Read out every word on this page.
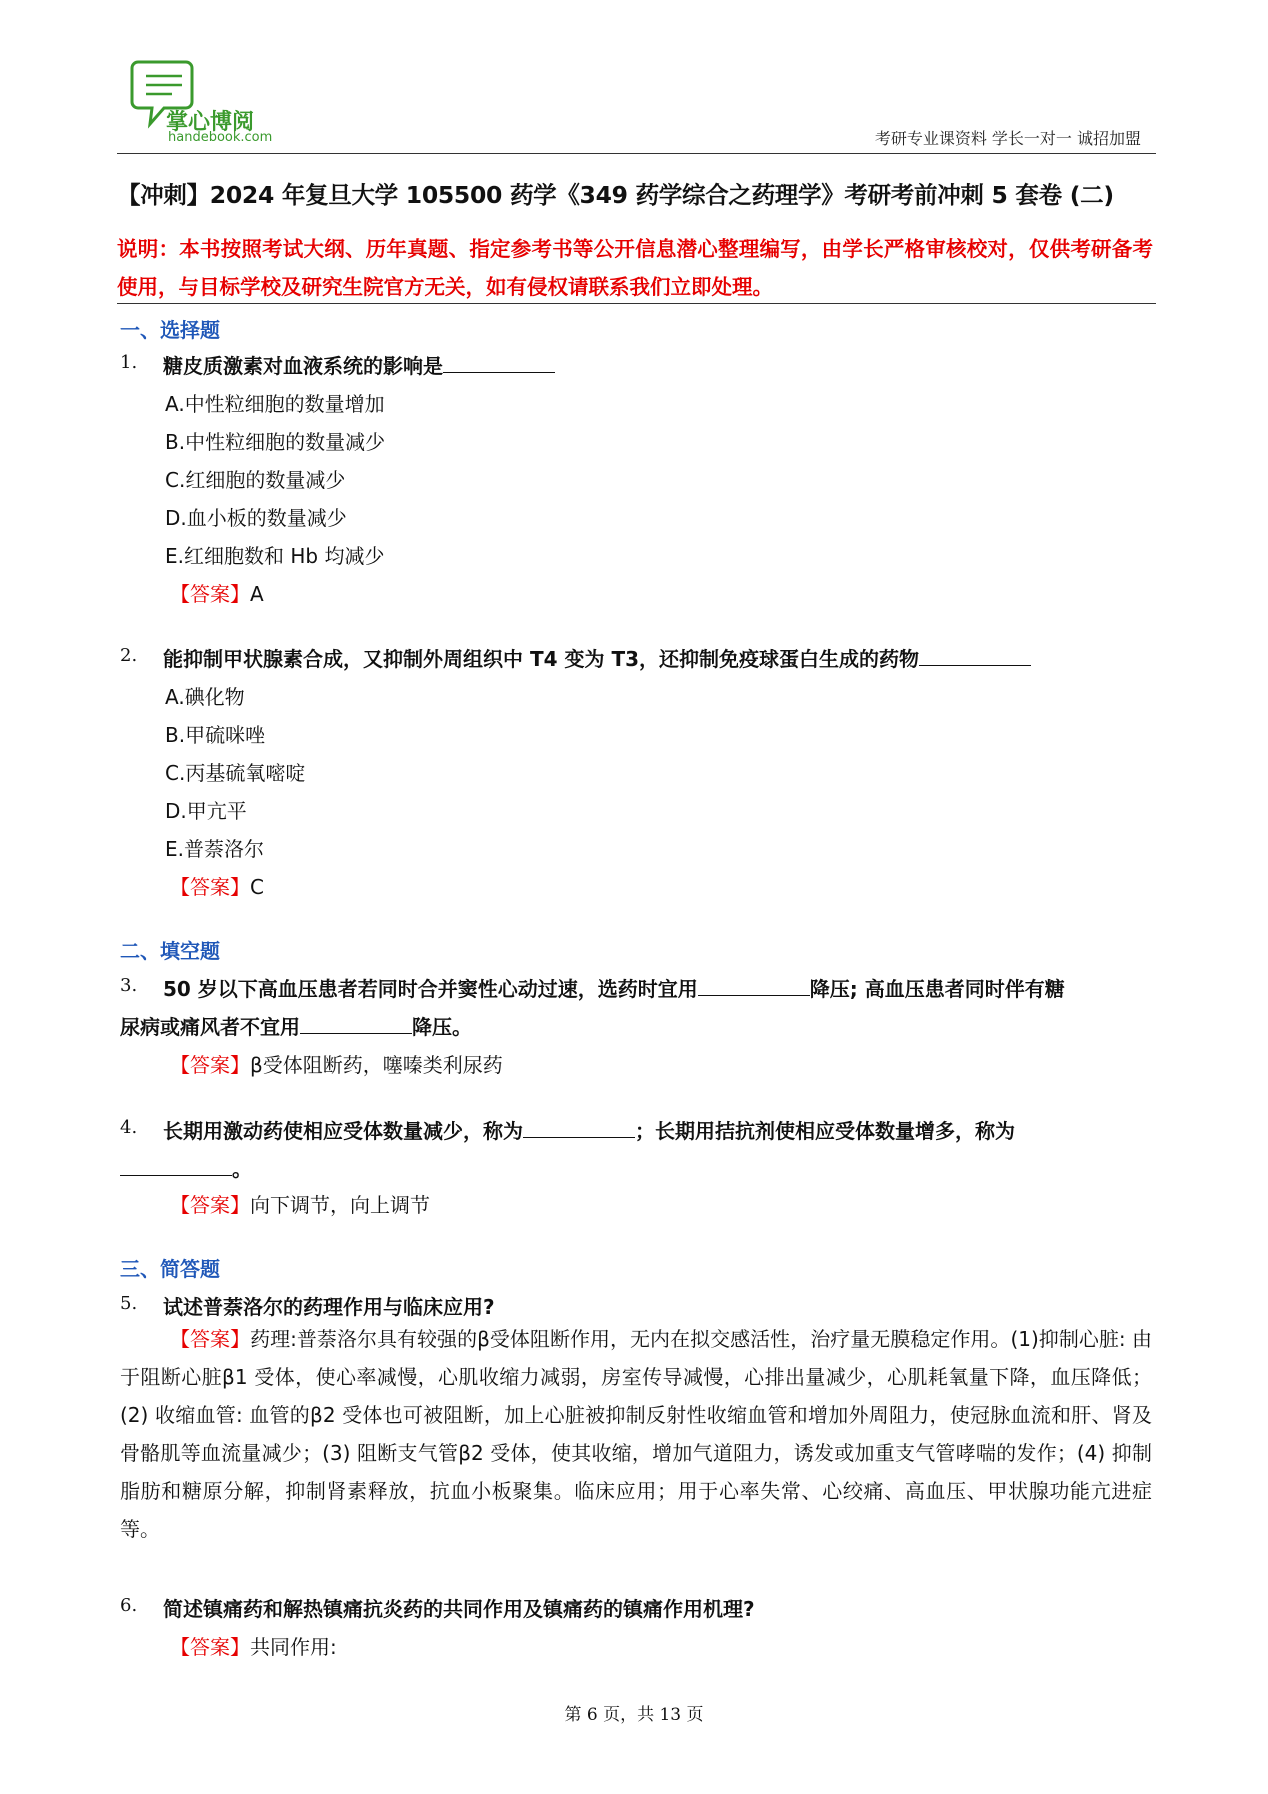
掌心博阅
handebook.com	考研专业课资料 学长一对一 诚招加盟
【冲刺】2024 年复旦大学 105500 药学《349 药学综合之药理学》考研考前冲刺 5 套卷 (二)
说明：本书按照考试大纲、历年真题、指定参考书等公开信息潜心整理编写，由学长严格审核校对，仅供考研备考使用，与目标学校及研究生院官方无关，如有侵权请联系我们立即处理。
一、选择题
1. 糖皮质激素对血液系统的影响是
A.中性粒细胞的数量增加
B.中性粒细胞的数量减少
C.红细胞的数量减少
D.血小板的数量减少
E.红细胞数和 Hb 均减少
【答案】A
2. 能抑制甲状腺素合成，又抑制外周组织中 T4 变为 T3，还抑制免疫球蛋白生成的药物
A.碘化物
B.甲硫咪唑
C.丙基硫氧嘧啶
D.甲亢平
E.普萘洛尔
【答案】C
二、填空题
3. 50 岁以下高血压患者若同时合并窦性心动过速，选药时宜用	降压; 高血压患者同时伴有糖
尿病或痛风者不宜用	降压。
【答案】β受体阻断药，噻嗪类利尿药
4. 长期用激动药使相应受体数量减少，称为	；长期用拮抗剂使相应受体数量增多，称为
。
【答案】向下调节，向上调节
三、简答题
5. 试述普萘洛尔的药理作用与临床应用?
【答案】药理:普萘洛尔具有较强的β受体阻断作用，无内在拟交感活性，治疗量无膜稳定作用。(1)抑制心脏: 由于阻断心脏β1 受体，使心率减慢，心肌收缩力减弱，房室传导减慢，心排出量减少，心肌耗氧量下降，血压降低；(2) 收缩血管: 血管的β2 受体也可被阻断，加上心脏被抑制反射性收缩血管和增加外周阻力，使冠脉血流和肝、肾及骨骼肌等血流量减少；(3) 阻断支气管β2 受体，使其收缩，增加气道阻力，诱发或加重支气管哮喘的发作；(4) 抑制脂肪和糖原分解，抑制肾素释放，抗血小板聚集。临床应用；用于心率失常、心绞痛、高血压、甲状腺功能亢进症等。
6. 简述镇痛药和解热镇痛抗炎药的共同作用及镇痛药的镇痛作用机理?
【答案】共同作用:
第 6 页，共 13 页
